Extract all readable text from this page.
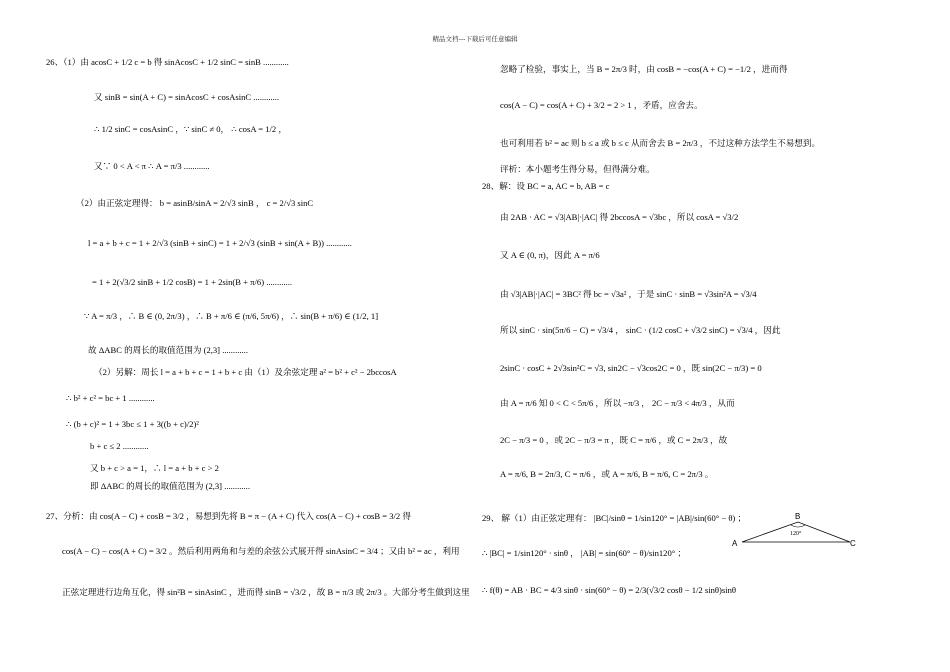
精品文档---下载后可任意编辑
26、（1）由 acosC + 1/2 c = b 得 sinAcosC + 1/2 sinC = sinB ............
又 sinB = sin(A + C) = sinAcosC + cosAsinC ............
∴ 1/2 sinC = cosAsinC ，∵ sinC ≠ 0， ∴ cosA = 1/2 ，
又∵ 0 < A < π ∴ A = π/3 ............
（2）由正弦定理得： b = asinB/sinA = 2/√3 sinB ， c = 2/√3 sinC
l = a + b + c = 1 + 2/√3 (sinB + sinC) = 1 + 2/√3 (sinB + sin(A + B)) ............
= 1 + 2(√3/2 sinB + 1/2 cosB) = 1 + 2sin(B + π/6) ............
∵ A = π/3 ，∴ B ∈ (0, 2π/3) ，∴ B + π/6 ∈ (π/6, 5π/6) ，∴ sin(B + π/6) ∈ (1/2, 1]
故 ΔABC 的周长的取值范围为 (2,3] ............
（2）另解：周长 l = a + b + c = 1 + b + c 由（1）及余弦定理 a² = b² + c² − 2bccosA
∴ b² + c² = bc + 1 ............
∴ (b + c)² = 1 + 3bc ≤ 1 + 3((b + c)/2)²
b + c ≤ 2 ............
又 b + c > a = 1，∴ l = a + b + c > 2
即 ΔABC 的周长的取值范围为 (2,3] ............
27、分析：由 cos(A − C) + cosB = 3/2 ，易想到先将 B = π − (A + C) 代入 cos(A − C) + cosB = 3/2 得
cos(A − C) − cos(A + C) = 3/2 。然后利用两角和与差的余弦公式展开得 sinAsinC = 3/4 ；又由 b² = ac ，利用
正弦定理进行边角互化，得 sin²B = sinAsinC ，进而得 sinB = √3/2 ，故 B = π/3 或 2π/3 。大部分考生做到这里
忽略了检验，事实上，当 B = 2π/3 时，由 cosB = −cos(A + C) = −1/2 ，进而得
cos(A − C) = cos(A + C) + 3/2 = 2 > 1 ，矛盾，应舍去。
也可利用若 b² = ac 则 b ≤ a 或 b ≤ c 从而舍去 B = 2π/3 ，不过这种方法学生不易想到。
评析：本小题考生得分易，但得满分难。
28、解：设 BC = a, AC = b, AB = c
由 2AB · AC = √3|AB|·|AC| 得 2bccosA = √3bc ，所以 cosA = √3/2
又 A ∈ (0, π)，因此 A = π/6
由 √3|AB|·|AC| = 3BC² 得 bc = √3a² ，于是 sinC · sinB = √3sin²A = √3/4
所以 sinC · sin(5π/6 − C) = √3/4 ， sinC · (1/2 cosC + √3/2 sinC) = √3/4 ，因此
2sinC · cosC + 2√3sin²C = √3, sin2C − √3cos2C = 0 ，既 sin(2C − π/3) = 0
由 A = π/6 知 0 < C < 5π/6 ，所以 −π/3 ， 2C − π/3 < 4π/3 ，从而
2C − π/3 = 0 ，或 2C − π/3 = π ，既 C = π/6 ，或 C = 2π/3 ，故
A = π/6, B = 2π/3, C = π/6 ，或 A = π/6, B = π/6, C = 2π/3 。
29、 解（1）由正弦定理有： |BC|/sinθ = 1/sin120° = |AB|/sin(60° − θ) ；
∴ |BC| = 1/sin120° · sinθ ， |AB| = sin(60° − θ)/sin120° ；
∴ f(θ) = AB · BC = 4/3 sinθ · sin(60° − θ) = 2/3(√3/2 cosθ − 1/2 sinθ)sinθ
B
120°
A	C
